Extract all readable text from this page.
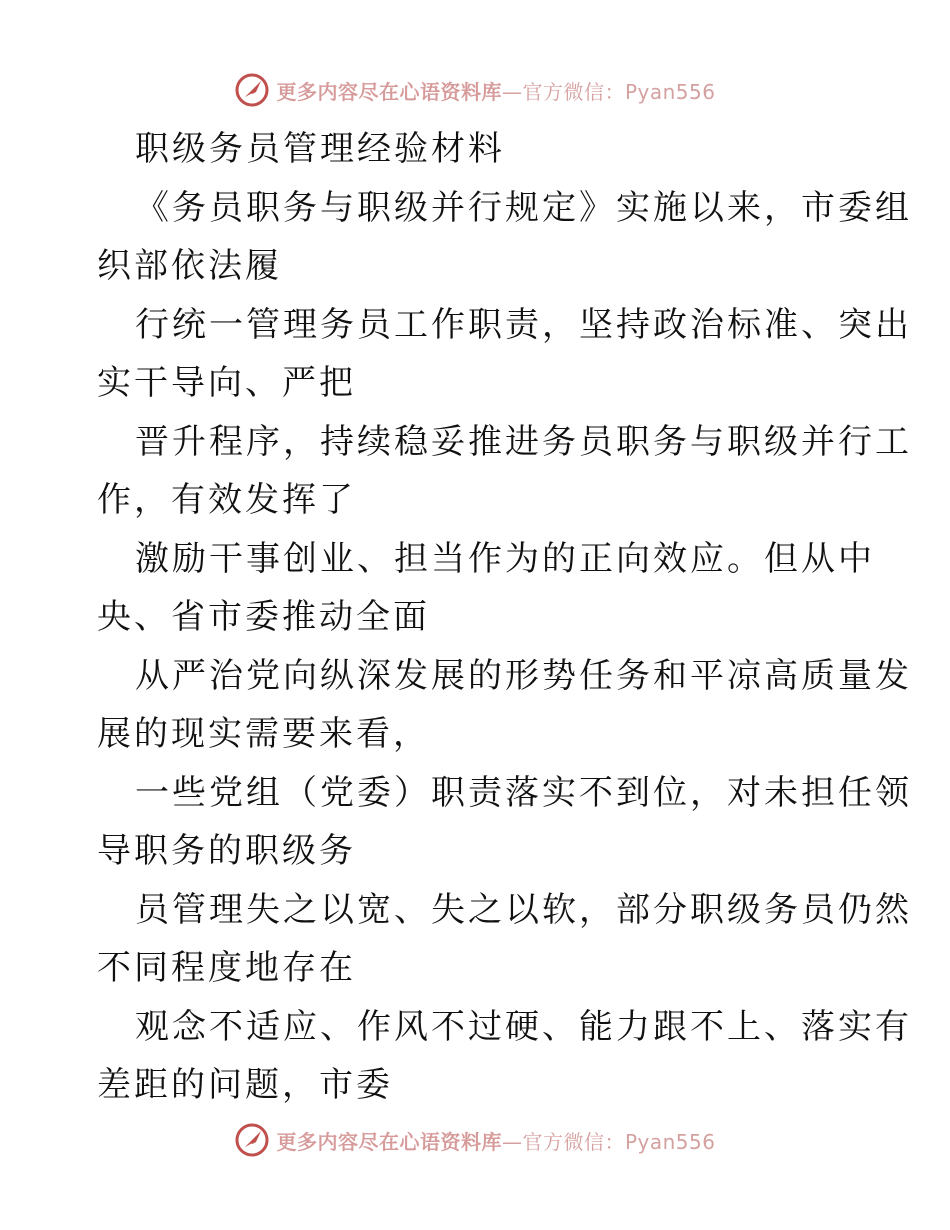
更多内容尽在心语资料库—官方微信：Pyan556
职级务员管理经验材料
《务员职务与职级并行规定》实施以来，市委组
织部依法履
行统一管理务员工作职责，坚持政治标准、突出
实干导向、严把
晋升程序，持续稳妥推进务员职务与职级并行工
作，有效发挥了
激励干事创业、担当作为的正向效应。但从中
央、省市委推动全面
从严治党向纵深发展的形势任务和平凉高质量发
展的现实需要来看，
一些党组（党委）职责落实不到位，对未担任领
导职务的职级务
员管理失之以宽、失之以软，部分职级务员仍然
不同程度地存在
观念不适应、作风不过硬、能力跟不上、落实有
差距的问题，市委
更多内容尽在心语资料库—官方微信：Pyan556
